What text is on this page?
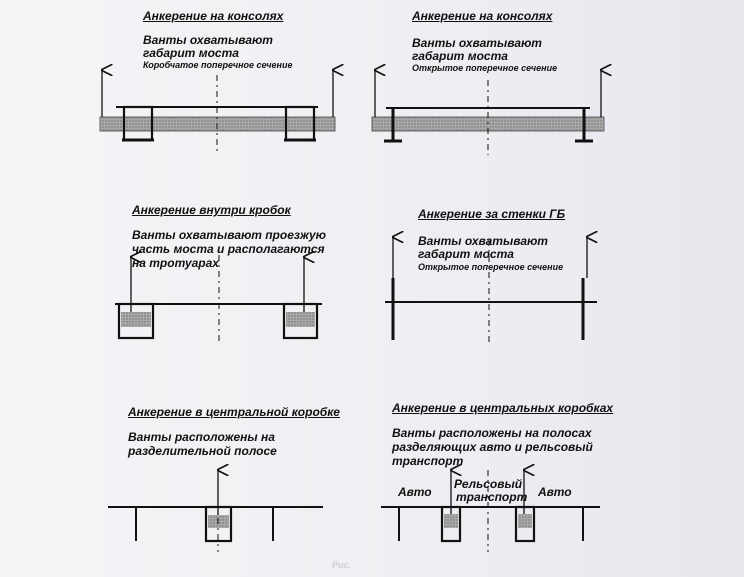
Анкерение на консолях

Ванты охватывают

габарит моста

Коробчатое поперечное сечение

Анкерение на консолях

Ванты охватывают

габарит моста

Открытое поперечное сечение

Анкерение внутри кробок

Ванты охватывают проезжую

часть моста и располагаются

на тротуарах

Анкерение за стенки ГБ

Ванты охватывают

габарит моста

Открытое поперечное сечение

Анкерение в центральной коробке

Ванты расположены на

разделительной полосе

Анкерение в центральных коробках

Ванты расположены на полосах

разделяющих авто и рельсовый

транспорт

Авто

Рельсовый

транспорт Авто

Рис.
